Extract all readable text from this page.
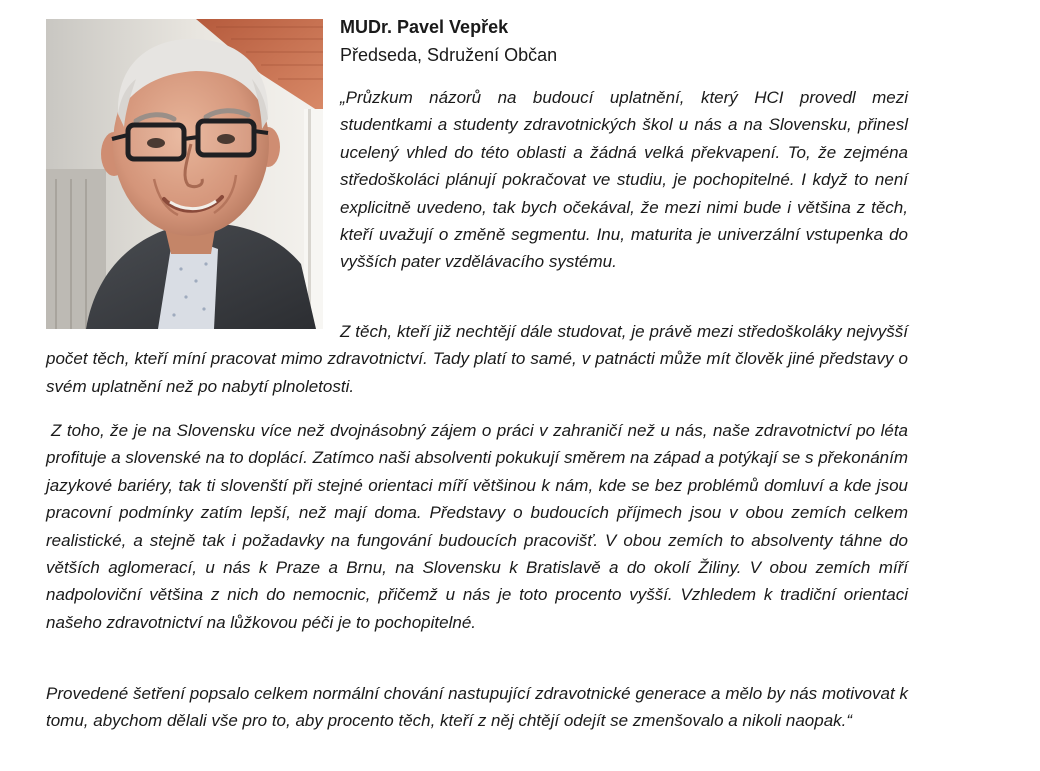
MUDr. Pavel Vepřek
Předseda, Sdružení Občan

„Průzkum názorů na budoucí uplatnění, který HCI provedl mezi studentkami a studenty zdravotnických škol u nás a na Slovensku, přinesl ucelený vhled do této oblasti a žádná velká překvapení. To, že zejména středoškoláci plánují pokračovat ve studiu, je pochopitelné. I když to není explicitně uvedeno, tak bych očekával, že mezi nimi bude i většina z těch, kteří uvažují o změně segmentu. Inu, maturita je univerzální vstupenka do vyšších pater vzdělávacího systému.

Z těch, kteří již nechtějí dále studovat, je právě mezi středoškoláky nejvyšší počet těch, kteří míní pracovat mimo zdravotnictví. Tady platí to samé, v patnácti může mít člověk jiné představy o svém uplatnění než po nabytí plnoletosti.

Z toho, že je na Slovensku více než dvojnásobný zájem o práci v zahraničí než u nás, naše zdravotnictví po léta profituje a slovenské na to doplácí. Zatímco naši absolventi pokukují směrem na západ a potýkají se s překonáním jazykové bariéry, tak ti slovenští při stejné orientaci míří většinou k nám, kde se bez problémů domluví a kde jsou pracovní podmínky zatím lepší, než mají doma. Představy o budoucích příjmech jsou v obou zemích celkem realistické, a stejně tak i požadavky na fungování budoucích pracovišť. V obou zemích to absolventy táhne do větších aglomerací, u nás k Praze a Brnu, na Slovensku k Bratislavě a do okolí Žiliny. V obou zemích míří nadpoloviční většina z nich do nemocnic, přičemž u nás je toto procento vyšší. Vzhledem k tradiční orientaci našeho zdravotnictví na lůžkovou péči je to pochopitelné.

Provedené šetření popsalo celkem normální chování nastupující zdravotnické generace a mělo by nás motivovat k tomu, abychom dělali vše pro to, aby procento těch, kteří z něj chtějí odejít se zmenšovalo a nikoli naopak.“
